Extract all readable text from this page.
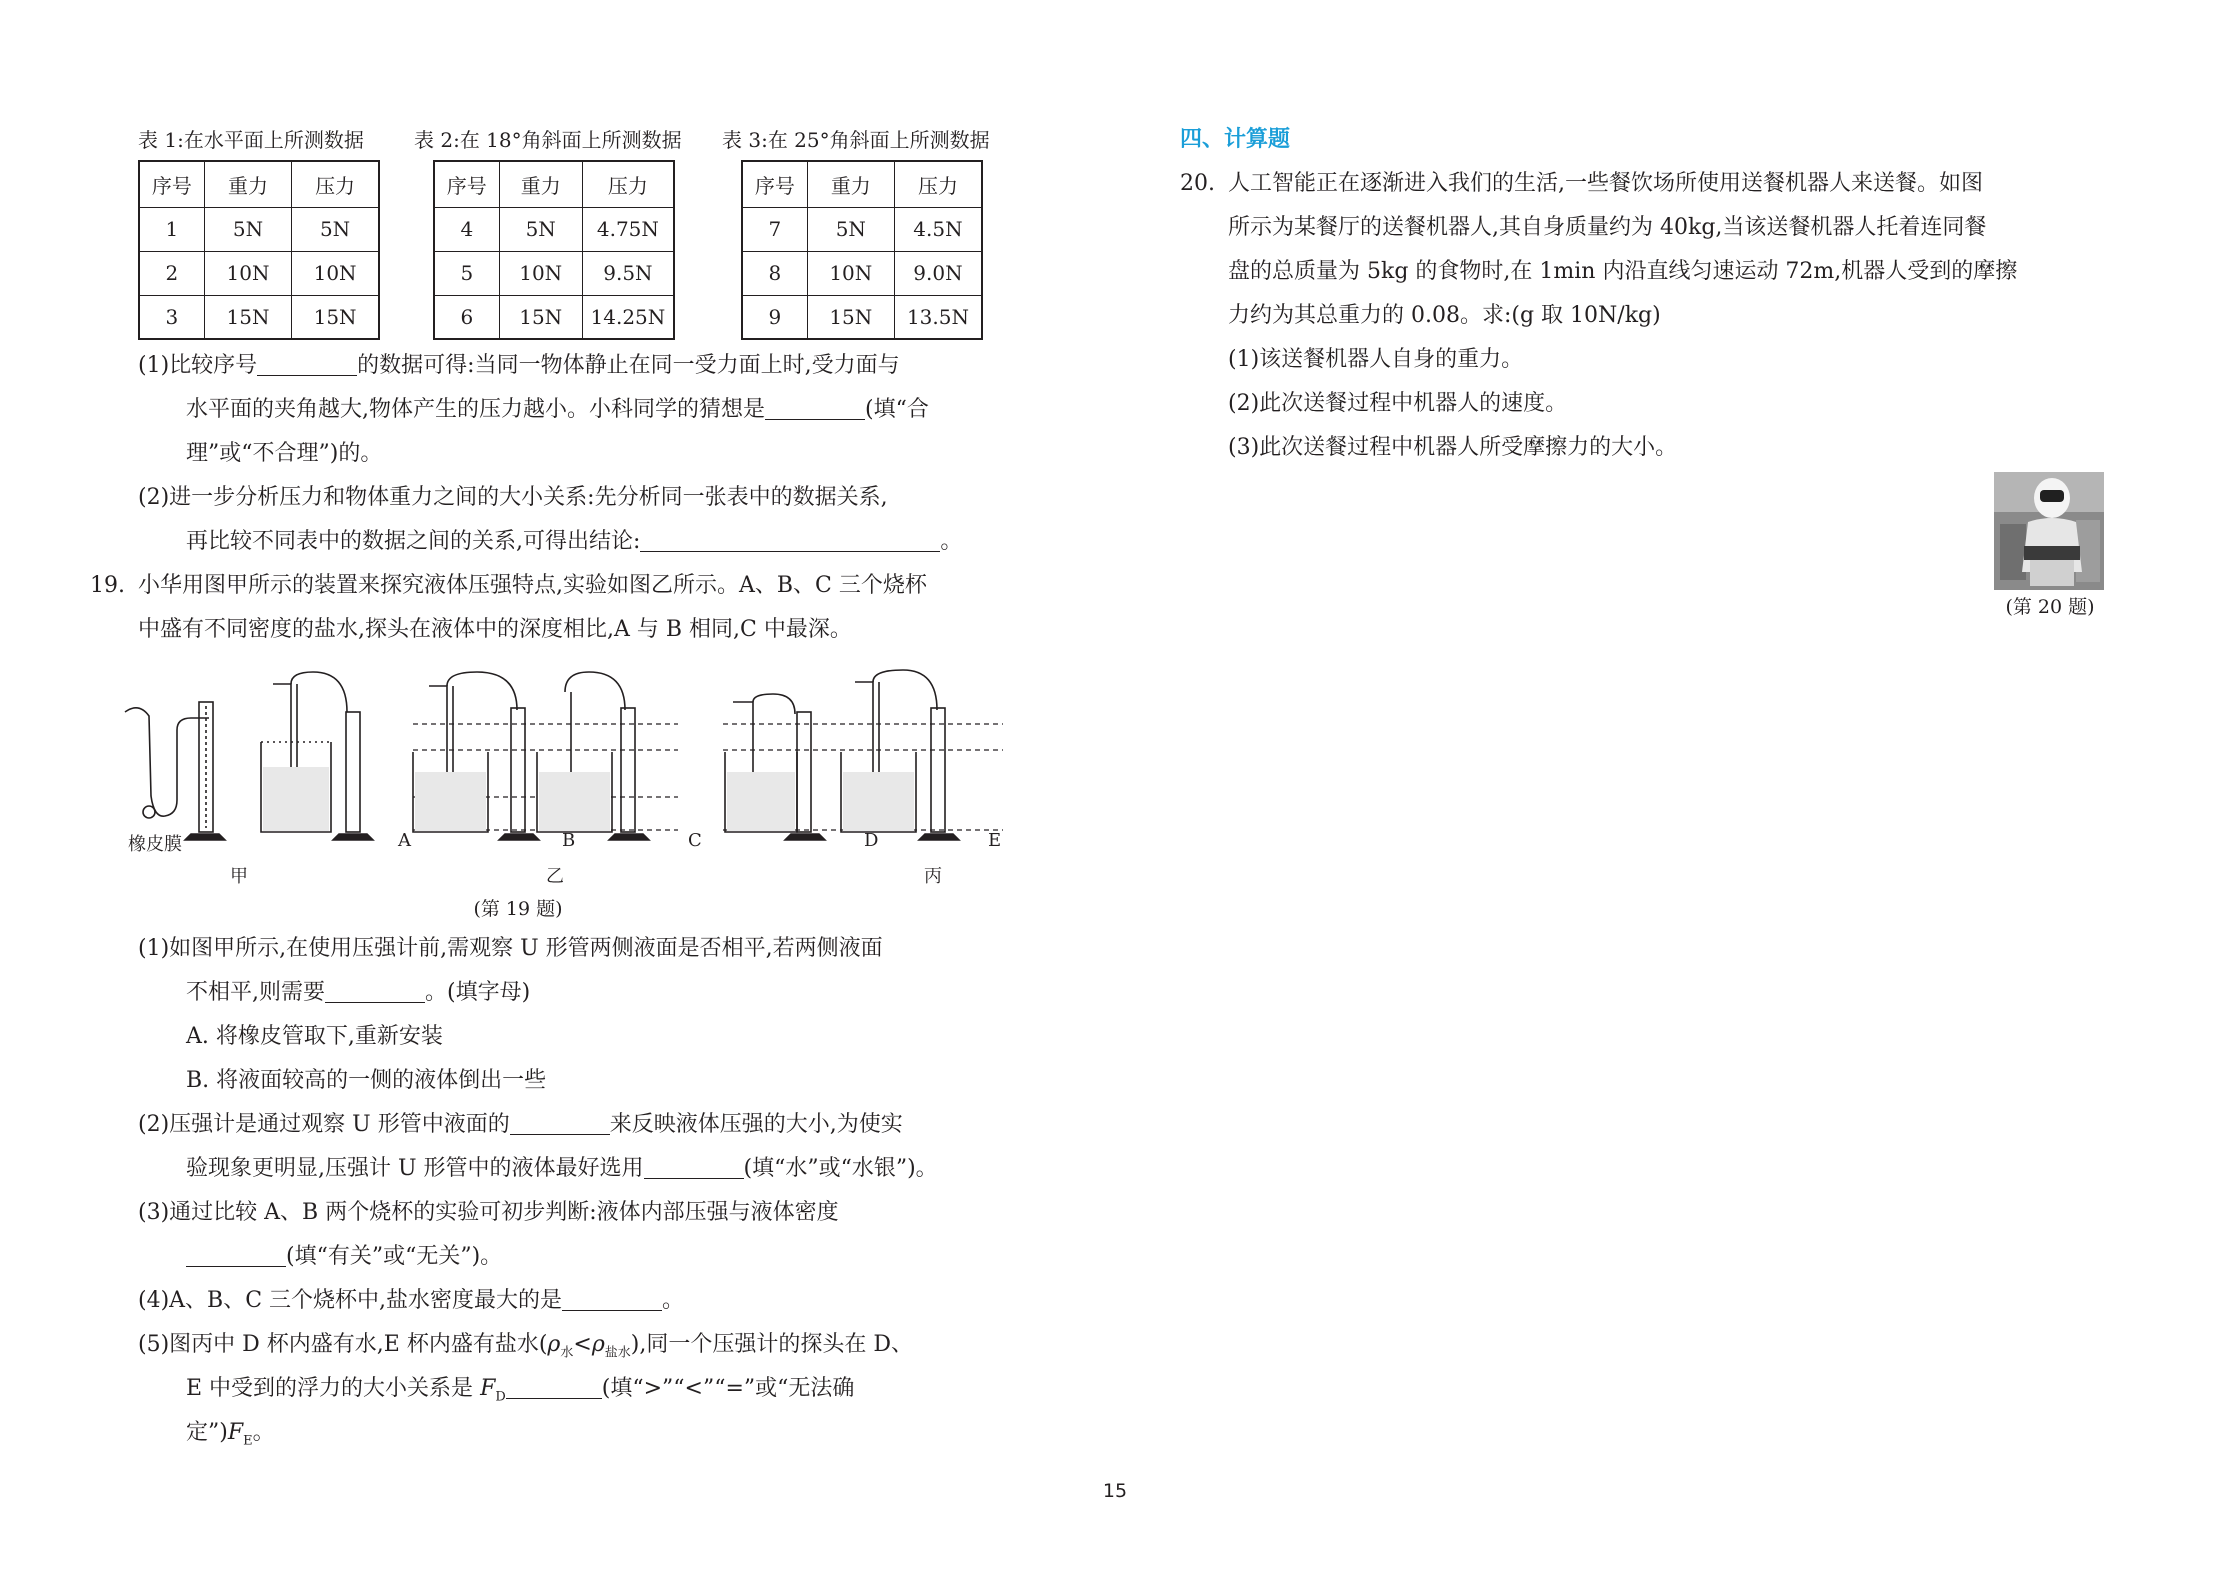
表 1:在水平面上所测数据	表 2:在 18°角斜面上所测数据	表 3:在 25°角斜面上所测数据
序号	重力	压力
1	5N	5N
2	10N	10N
3	15N	15N
序号	重力	压力
4	5N	4.75N
5	10N	9.5N
6	15N	14.25N
序号	重力	压力
7	5N	4.5N
8	10N	9.0N
9	15N	13.5N
(1)比较序号	的数据可得:当同一物体静止在同一受力面上时,受力面与
水平面的夹角越大,物体产生的压力越小。小科同学的猜想是	(填“合
理”或“不合理”)的。
(2)进一步分析压力和物体重力之间的大小关系:先分析同一张表中的数据关系,
再比较不同表中的数据之间的关系,可得出结论:	。
19. 小华用图甲所示的装置来探究液体压强特点,实验如图乙所示。A、B、C 三个烧杯
中盛有不同密度的盐水,探头在液体中的深度相比,A 与 B 相同,C 中最深。
橡皮膜
甲
A	B	C
乙
D	E
丙
(第 19 题)
(1)如图甲所示,在使用压强计前,需观察 U 形管两侧液面是否相平,若两侧液面
不相平,则需要	。(填字母)
A. 将橡皮管取下,重新安装
B. 将液面较高的一侧的液体倒出一些
(2)压强计是通过观察 U 形管中液面的	来反映液体压强的大小,为使实
验现象更明显,压强计 U 形管中的液体最好选用	(填“水”或“水银”)。
(3)通过比较 A、B 两个烧杯的实验可初步判断:液体内部压强与液体密度
(填“有关”或“无关”)。
(4)A、B、C 三个烧杯中,盐水密度最大的是	。
(5)图丙中 D 杯内盛有水,E 杯内盛有盐水$(\rho_水<\rho_{盐水})$,同一个压强计的探头在 D、
E 中受到的浮力的大小关系是 $F_D$	(填“>”“<”“=”或“无法确
定$”)F_E$。
四、计算题
20. 人工智能正在逐渐进入我们的生活,一些餐饮场所使用送餐机器人来送餐。如图
所示为某餐厅的送餐机器人,其自身质量约为 40kg,当该送餐机器人托着连同餐
盘的总质量为 5kg 的食物时,在 1min 内沿直线匀速运动 72m,机器人受到的摩擦
力约为其总重力的 0.08。求:(g 取 10N/kg)
(1)该送餐机器人自身的重力。
(2)此次送餐过程中机器人的速度。
(3)此次送餐过程中机器人所受摩擦力的大小。
(第 20 题)
15
